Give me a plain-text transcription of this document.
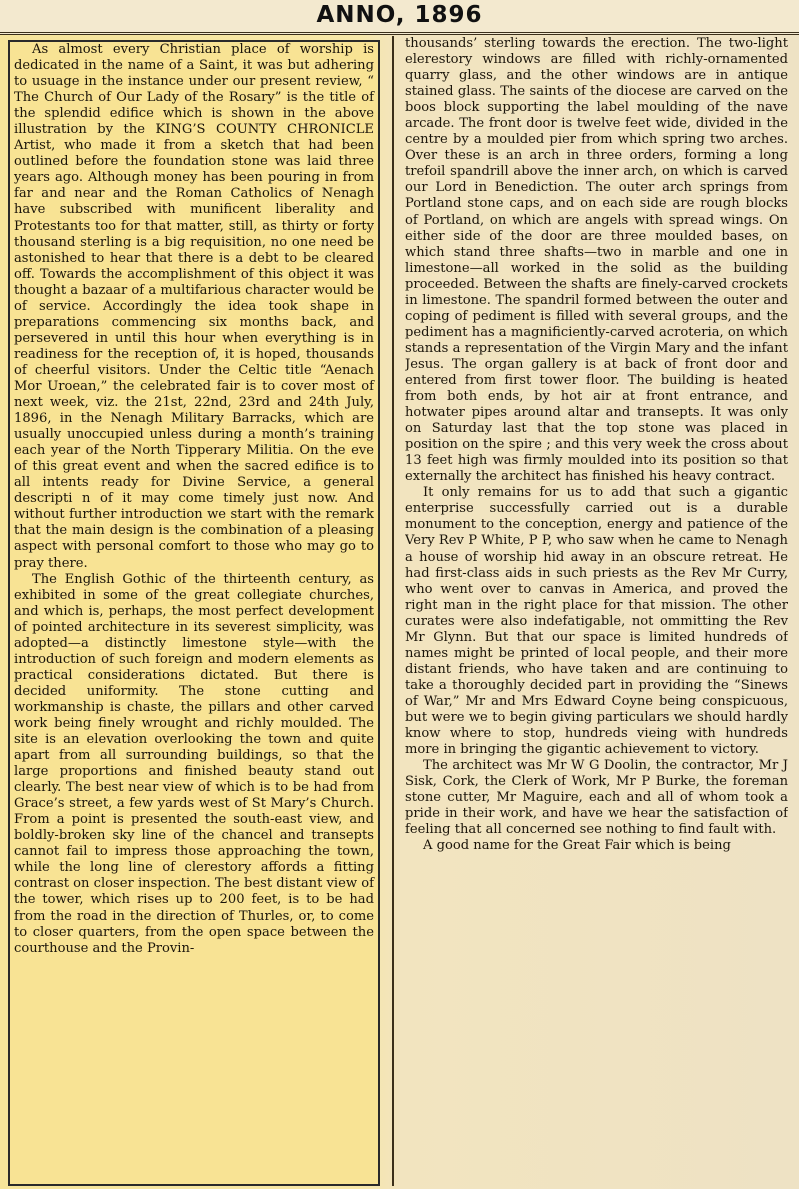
ANNO, 1896

As almost every Christian place of worship is dedicated in the name of a Saint, it was but adhering to usuage in the instance under our present review, “ The Church of Our Lady of the Rosary” is the title of the splendid edifice which is shown in the above illustration by the KING’S COUNTY CHRONICLE Artist, who made it from a sketch that had been outlined before the foundation stone was laid three years ago. Although money has been pouring in from far and near and the Roman Catholics of Nenagh have subscribed with munificent liberality and Protestants too for that matter, still, as thirty or forty thousand sterling is a big requisition, no one need be astonished to hear that there is a debt to be cleared off. Towards the accomplishment of this object it was thought a bazaar of a multifarious character would be of service. Accordingly the idea took shape in preparations commencing six months back, and persevered in until this hour when everything is in readiness for the reception of, it is hoped, thousands of cheerful visitors. Under the Celtic title “Aenach Mor Uroean,” the celebrated fair is to cover most of next week, viz. the 21st, 22nd, 23rd and 24th July, 1896, in the Nenagh Military Barracks, which are usually unoccupied unless during a month’s training each year of the North Tipperary Militia. On the eve of this great event and when the sacred edifice is to all intents ready for Divine Service, a general descripti n of it may come timely just now. And without further introduction we start with the remark that the main design is the combination of a pleasing aspect with personal comfort to those who may go to pray there.

The English Gothic of the thirteenth century, as exhibited in some of the great collegiate churches, and which is, perhaps, the most perfect development of pointed architecture in its severest simplicity, was adopted—a distinctly limestone style—with the introduction of such foreign and modern elements as practical considerations dictated. But there is decided uniformity. The stone cutting and workmanship is chaste, the pillars and other carved work being finely wrought and richly moulded. The site is an elevation overlooking the town and quite apart from all surrounding buildings, so that the large proportions and finished beauty stand out clearly. The best near view of which is to be had from Grace’s street, a few yards west of St Mary’s Church. From a point is presented the south-east view, and boldly-broken sky line of the chancel and transepts cannot fail to impress those approaching the town, while the long line of clerestory affords a fitting contrast on closer inspection. The best distant view of the tower, which rises up to 200 feet, is to be had from the road in the direction of Thurles, or, to come to closer quarters, from the open space between the courthouse and the Provin-

thousands’ sterling towards the erection. The two-light elerestory windows are filled with richly-ornamented quarry glass, and the other windows are in antique stained glass. The saints of the diocese are carved on the boos block supporting the label moulding of the nave arcade. The front door is twelve feet wide, divided in the centre by a moulded pier from which spring two arches. Over these is an arch in three orders, forming a long trefoil spandrill above the inner arch, on which is carved our Lord in Benediction. The outer arch springs from Portland stone caps, and on each side are rough blocks of Portland, on which are angels with spread wings. On either side of the door are three moulded bases, on which stand three shafts—two in marble and one in limestone—all worked in the solid as the building proceeded. Between the shafts are finely-carved crockets in limestone. The spandril formed between the outer and coping of pediment is filled with several groups, and the pediment has a magnificiently-carved acroteria, on which stands a representation of the Virgin Mary and the infant Jesus. The organ gallery is at back of front door and entered from first tower floor. The building is heated from both ends, by hot air at front entrance, and hotwater pipes around altar and transepts. It was only on Saturday last that the top stone was placed in position on the spire ; and this very week the cross about 13 feet high was firmly moulded into its position so that externally the architect has finished his heavy contract.

It only remains for us to add that such a gigantic enterprise successfully carried out is a durable monument to the conception, energy and patience of the Very Rev P White, P P, who saw when he came to Nenagh a house of worship hid away in an obscure retreat. He had first-class aids in such priests as the Rev Mr Curry, who went over to canvas in America, and proved the right man in the right place for that mission. The other curates were also indefatigable, not ommitting the Rev Mr Glynn. But that our space is limited hundreds of names might be printed of local people, and their more distant friends, who have taken and are continuing to take a thoroughly decided part in providing the “Sinews of War,” Mr and Mrs Edward Coyne being conspicuous, but were we to begin giving particulars we should hardly know where to stop, hundreds vieing with hundreds more in bringing the gigantic achievement to victory.

The architect was Mr W G Doolin, the contractor, Mr J Sisk, Cork, the Clerk of Work, Mr P Burke, the foreman stone cutter, Mr Maguire, each and all of whom took a pride in their work, and have we hear the satisfaction of feeling that all concerned see nothing to find fault with.

A good name for the Great Fair which is being
